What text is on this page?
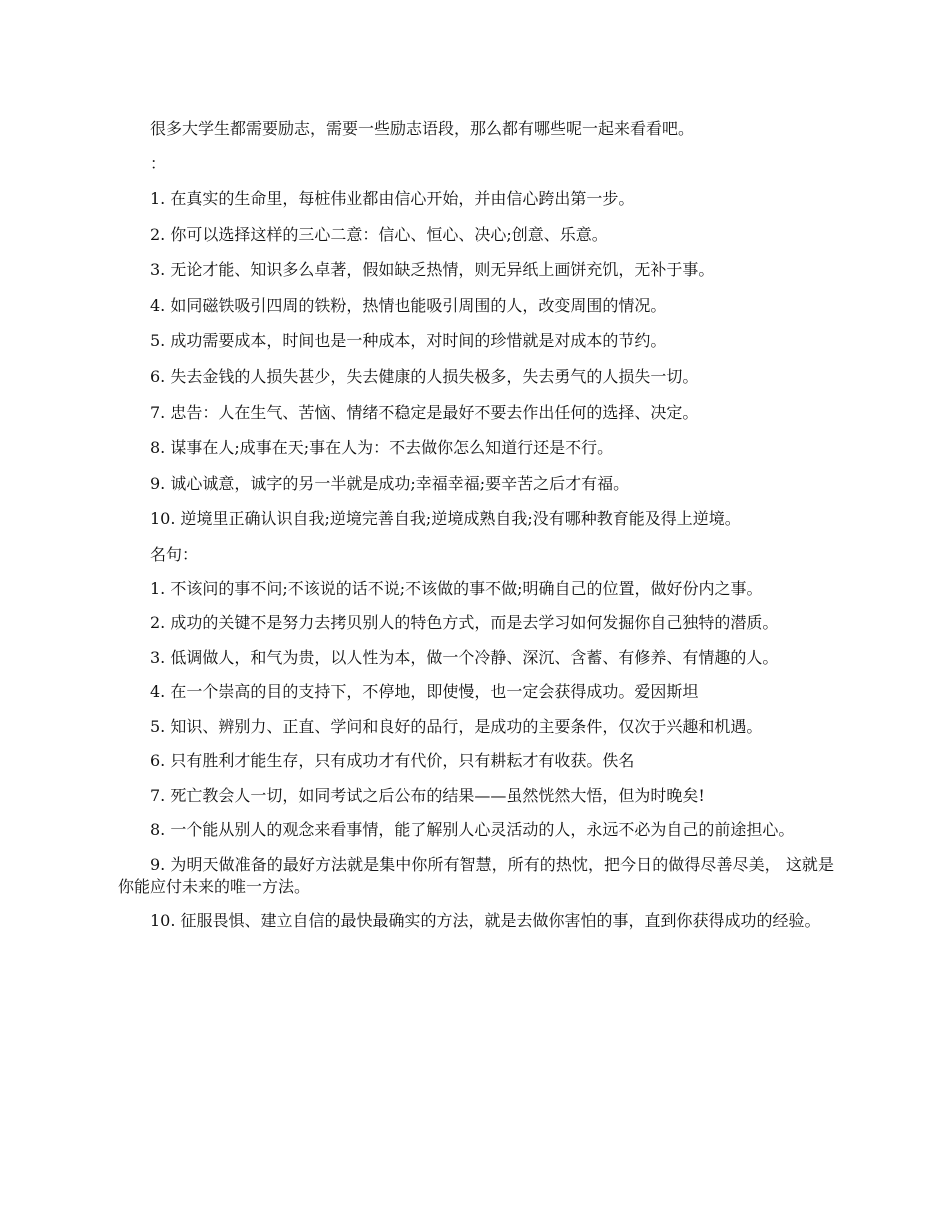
很多大学生都需要励志，需要一些励志语段，那么都有哪些呢一起来看看吧。

：

1. 在真实的生命里，每桩伟业都由信心开始，并由信心跨出第一步。

2. 你可以选择这样的三心二意：信心、恒心、决心;创意、乐意。

3. 无论才能、知识多么卓著，假如缺乏热情，则无异纸上画饼充饥，无补于事。

4. 如同磁铁吸引四周的铁粉，热情也能吸引周围的人，改变周围的情况。

5. 成功需要成本，时间也是一种成本，对时间的珍惜就是对成本的节约。

6. 失去金钱的人损失甚少，失去健康的人损失极多，失去勇气的人损失一切。

7. 忠告：人在生气、苦恼、情绪不稳定是最好不要去作出任何的选择、决定。

8. 谋事在人;成事在天;事在人为：不去做你怎么知道行还是不行。

9. 诚心诚意，诚字的另一半就是成功;幸福幸福;要辛苦之后才有福。

10. 逆境里正确认识自我;逆境完善自我;逆境成熟自我;没有哪种教育能及得上逆境。

名句：

1. 不该问的事不问;不该说的话不说;不该做的事不做;明确自己的位置，做好份内之事。

2. 成功的关键不是努力去拷贝别人的特色方式，而是去学习如何发掘你自己独特的潜质。

3. 低调做人，和气为贵，以人性为本，做一个冷静、深沉、含蓄、有修养、有情趣的人。

4. 在一个崇高的目的支持下，不停地，即使慢，也一定会获得成功。爱因斯坦

5. 知识、辨别力、正直、学问和良好的品行，是成功的主要条件，仅次于兴趣和机遇。

6. 只有胜利才能生存，只有成功才有代价，只有耕耘才有收获。佚名

7. 死亡教会人一切，如同考试之后公布的结果——虽然恍然大悟，但为时晚矣!

8. 一个能从别人的观念来看事情，能了解别人心灵活动的人，永远不必为自己的前途担心。

9. 为明天做准备的最好方法就是集中你所有智慧，所有的热忱，把今日的做得尽善尽美， 这就是你能应付未来的唯一方法。

10. 征服畏惧、建立自信的最快最确实的方法，就是去做你害怕的事，直到你获得成功的经验。
